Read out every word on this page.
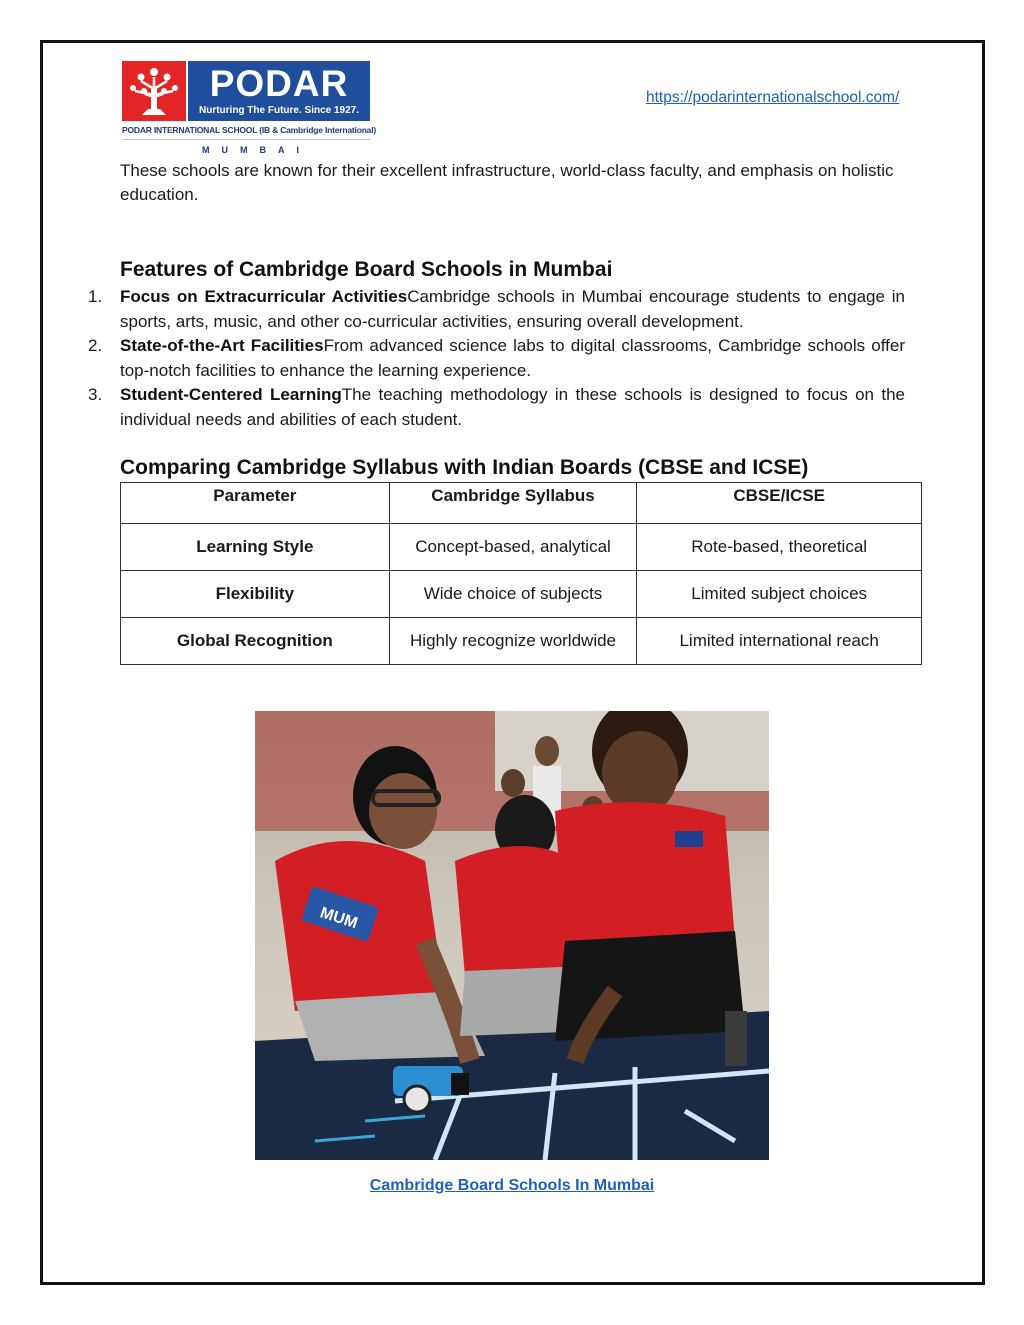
PODAR
Nurturing The Future. Since 1927.
PODAR INTERNATIONAL SCHOOL (IB & Cambridge International)
MUMBAI
https://podarinternationalschool.com/

These schools are known for their excellent infrastructure, world-class faculty, and emphasis on holistic education.

Features of Cambridge Board Schools in Mumbai
1. Focus on Extracurricular ActivitiesCambridge schools in Mumbai encourage students to engage in sports, arts, music, and other co-curricular activities, ensuring overall development.
2. State-of-the-Art FacilitiesFrom advanced science labs to digital classrooms, Cambridge schools offer top-notch facilities to enhance the learning experience.
3. Student-Centered LearningThe teaching methodology in these schools is designed to focus on the individual needs and abilities of each student.
Comparing Cambridge Syllabus with Indian Boards (CBSE and ICSE)
Parameter	Cambridge Syllabus	CBSE/ICSE
Learning Style	Concept-based, analytical	Rote-based, theoretical
Flexibility	Wide choice of subjects	Limited subject choices
Global Recognition	Highly recognize worldwide	Limited international reach
MUM
Cambridge Board Schools In Mumbai
